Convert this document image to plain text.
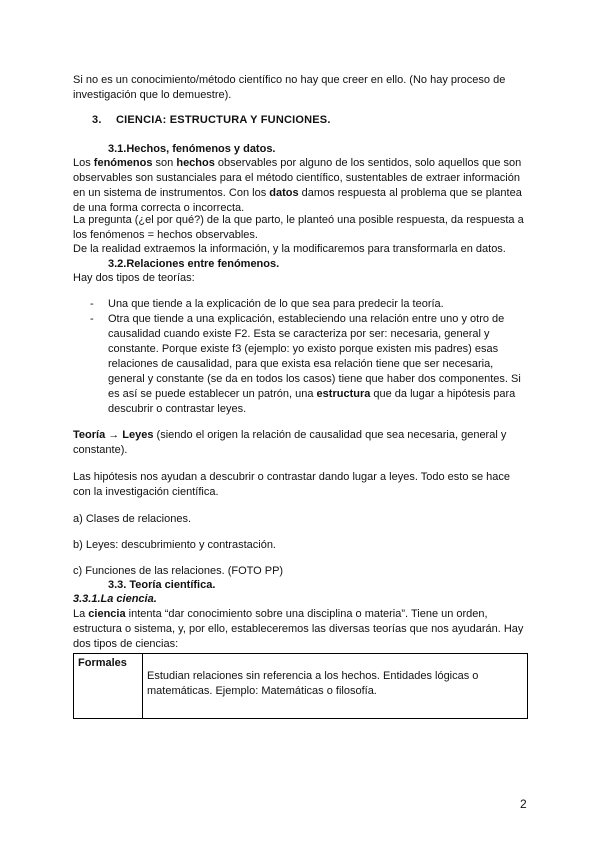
Si no es un conocimiento/método científico no hay que creer en ello. (No hay proceso de investigación que lo demuestre).

3. CIENCIA: ESTRUCTURA Y FUNCIONES.

3.1.Hechos, fenómenos y datos.

Los fenómenos son hechos observables por alguno de los sentidos, solo aquellos que son observables son sustanciales para el método científico, sustentables de extraer información en un sistema de instrumentos. Con los datos damos respuesta al problema que se plantea de una forma correcta o incorrecta.

La pregunta (¿el por qué?) de la que parto, le planteó una posible respuesta, da respuesta a los fenómenos = hechos observables.

De la realidad extraemos la información, y la modificaremos para transformarla en datos.

3.2.Relaciones entre fenómenos.

Hay dos tipos de teorías:

- Una que tiende a la explicación de lo que sea para predecir la teoría.

- Otra que tiende a una explicación, estableciendo una relación entre uno y otro de causalidad cuando existe F2. Esta se caracteriza por ser: necesaria, general y constante. Porque existe f3 (ejemplo: yo existo porque existen mis padres) esas relaciones de causalidad, para que exista esa relación tiene que ser necesaria, general y constante (se da en todos los casos) tiene que haber dos componentes. Si es así se puede establecer un patrón, una estructura que da lugar a hipótesis para descubrir o contrastar leyes.

Teoría → Leyes (siendo el origen la relación de causalidad que sea necesaria, general y constante).

Las hipótesis nos ayudan a descubrir o contrastar dando lugar a leyes. Todo esto se hace con la investigación científica.

a) Clases de relaciones.

b) Leyes: descubrimiento y contrastación.

c) Funciones de las relaciones. (FOTO PP)

3.3. Teoría científica.

3.3.1.La ciencia.

La ciencia intenta “dar conocimiento sobre una disciplina o materia”. Tiene un orden, estructura o sistema, y, por ello, estableceremos las diversas teorías que nos ayudarán. Hay dos tipos de ciencias:

Formales	Estudian relaciones sin referencia a los hechos. Entidades lógicas o matemáticas. Ejemplo: Matemáticas o filosofía.
2
